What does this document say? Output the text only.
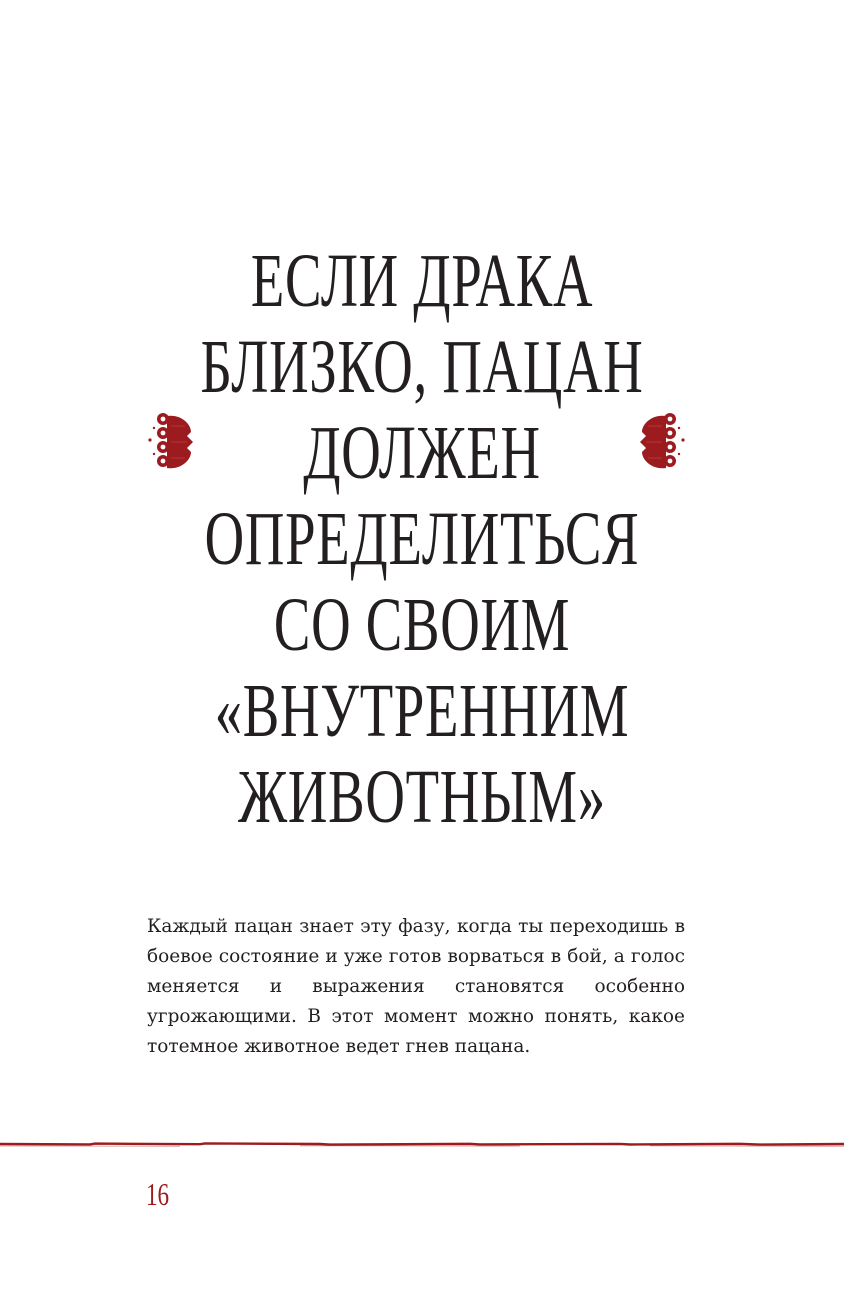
ЕСЛИ ДРАКА
БЛИЗКО, ПАЦАН
ДОЛЖЕН
ОПРЕДЕЛИТЬСЯ
СО СВОИМ
«ВНУТРЕННИМ
ЖИВОТНЫМ»

Каждый пацан знает эту фазу, когда ты переходишь в боевое состояние и уже готов ворваться в бой, а голос меняется и выражения становятся особенно угрожающими. В этот момент можно понять, какое тотемное животное ведет гнев пацана.

16
